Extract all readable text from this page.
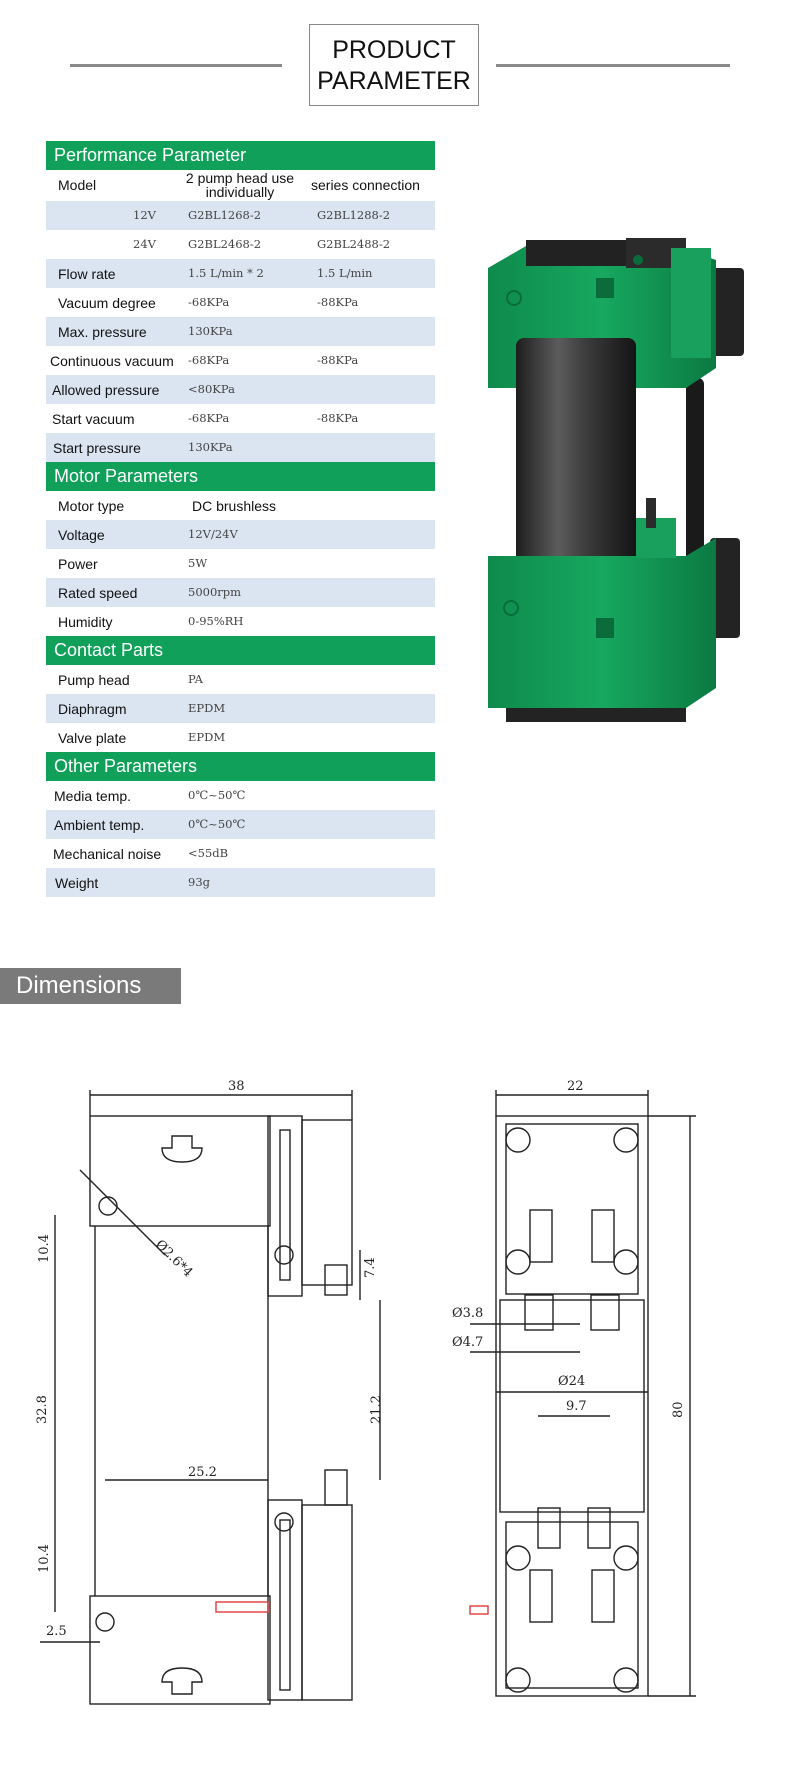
PRODUCT
PARAMETER
Performance Parameter
Model	2 pump head use individually	series connection
12V	G2BL1268-2	G2BL1288-2
24V	G2BL2468-2	G2BL2488-2
Flow rate	1.5 L/min * 2	1.5 L/min
Vacuum degree	-68KPa	-88KPa
Max. pressure	130KPa
Continuous vacuum -68KPa	-88KPa
Allowed pressure <80KPa
Start vacuum	-68KPa	-88KPa
Start pressure	130KPa
Motor Parameters
Motor type	DC brushless
Voltage	12V/24V
Power	5W
Rated speed	5000rpm
Humidity	0-95%RH
Contact Parts
Pump head	PA
Diaphragm	EPDM
Valve plate	EPDM
Other Parameters
Media temp.	0℃~50℃
Ambient temp.	0℃~50℃
Mechanical noise <55dB
Weight	93g
Dimensions
38
10.4	Ø2.6*4	7.4
32.8	21.2
25.2
10.4
2.5
22
Ø3.8
Ø4.7
Ø24
9.7	80
